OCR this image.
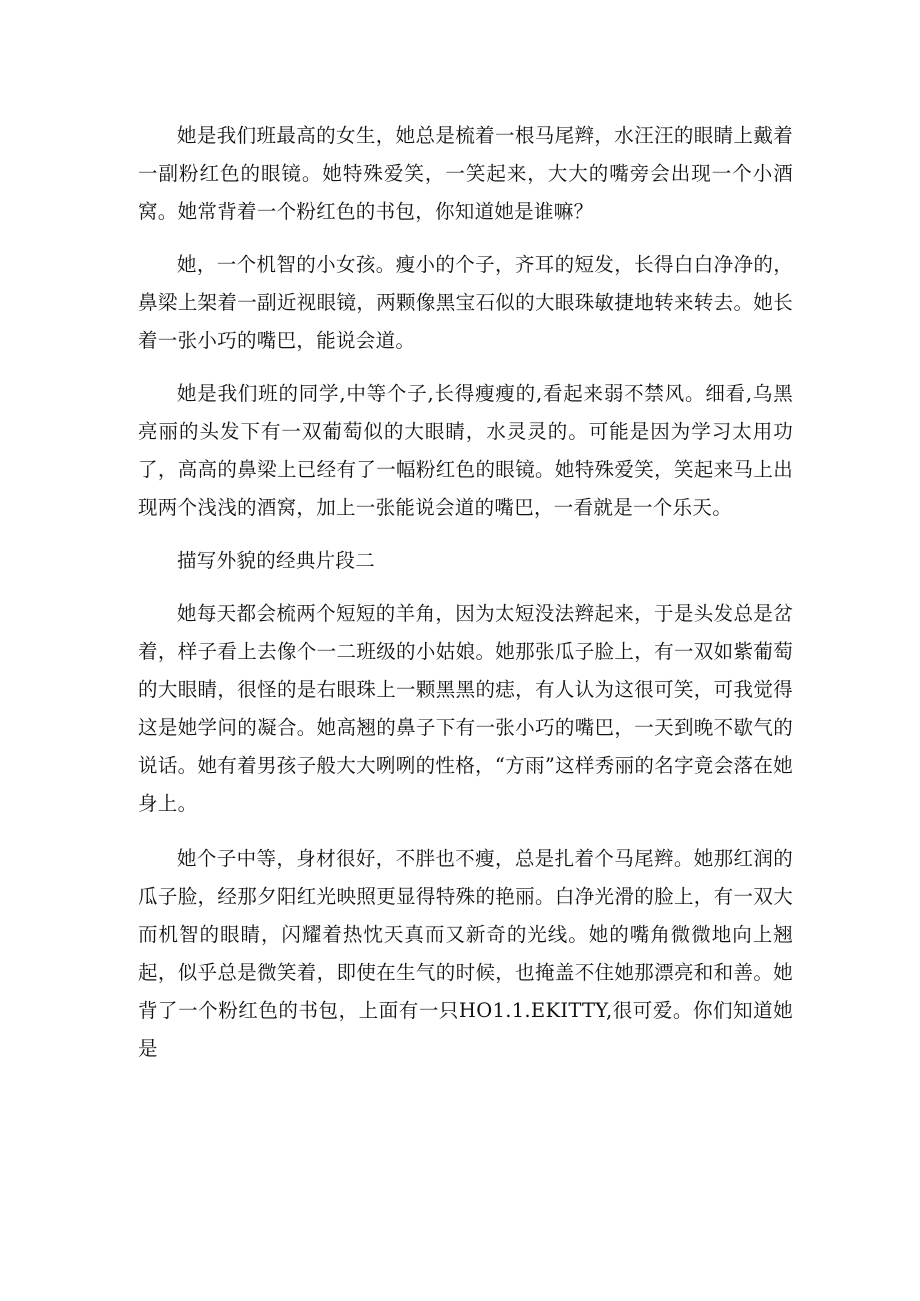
她是我们班最高的女生，她总是梳着一根马尾辫，水汪汪的眼睛上戴着一副粉红色的眼镜。她特殊爱笑，一笑起来，大大的嘴旁会出现一个小酒窝。她常背着一个粉红色的书包，你知道她是谁嘛？

她，一个机智的小女孩。瘦小的个子，齐耳的短发，长得白白净净的，鼻梁上架着一副近视眼镜，两颗像黑宝石似的大眼珠敏捷地转来转去。她长着一张小巧的嘴巴，能说会道。

她是我们班的同学,中等个子,长得瘦瘦的,看起来弱不禁风。细看,乌黑亮丽的头发下有一双葡萄似的大眼睛，水灵灵的。可能是因为学习太用功了，高高的鼻梁上已经有了一幅粉红色的眼镜。她特殊爱笑，笑起来马上出现两个浅浅的酒窝，加上一张能说会道的嘴巴，一看就是一个乐天。

描写外貌的经典片段二

她每天都会梳两个短短的羊角，因为太短没法辫起来，于是头发总是岔着，样子看上去像个一二班级的小姑娘。她那张瓜子脸上，有一双如紫葡萄的大眼睛，很怪的是右眼珠上一颗黑黑的痣，有人认为这很可笑，可我觉得这是她学问的凝合。她高翘的鼻子下有一张小巧的嘴巴，一天到晚不歇气的说话。她有着男孩子般大大咧咧的性格，“方雨”这样秀丽的名字竟会落在她身上。

她个子中等，身材很好，不胖也不瘦，总是扎着个马尾辫。她那红润的瓜子脸，经那夕阳红光映照更显得特殊的艳丽。白净光滑的脸上，有一双大而机智的眼睛，闪耀着热忱天真而又新奇的光线。她的嘴角微微地向上翘起，似乎总是微笑着，即使在生气的时候，也掩盖不住她那漂亮和和善。她背了一个粉红色的书包，上面有一只HO1.1.EKITTY,很可爱。你们知道她是
